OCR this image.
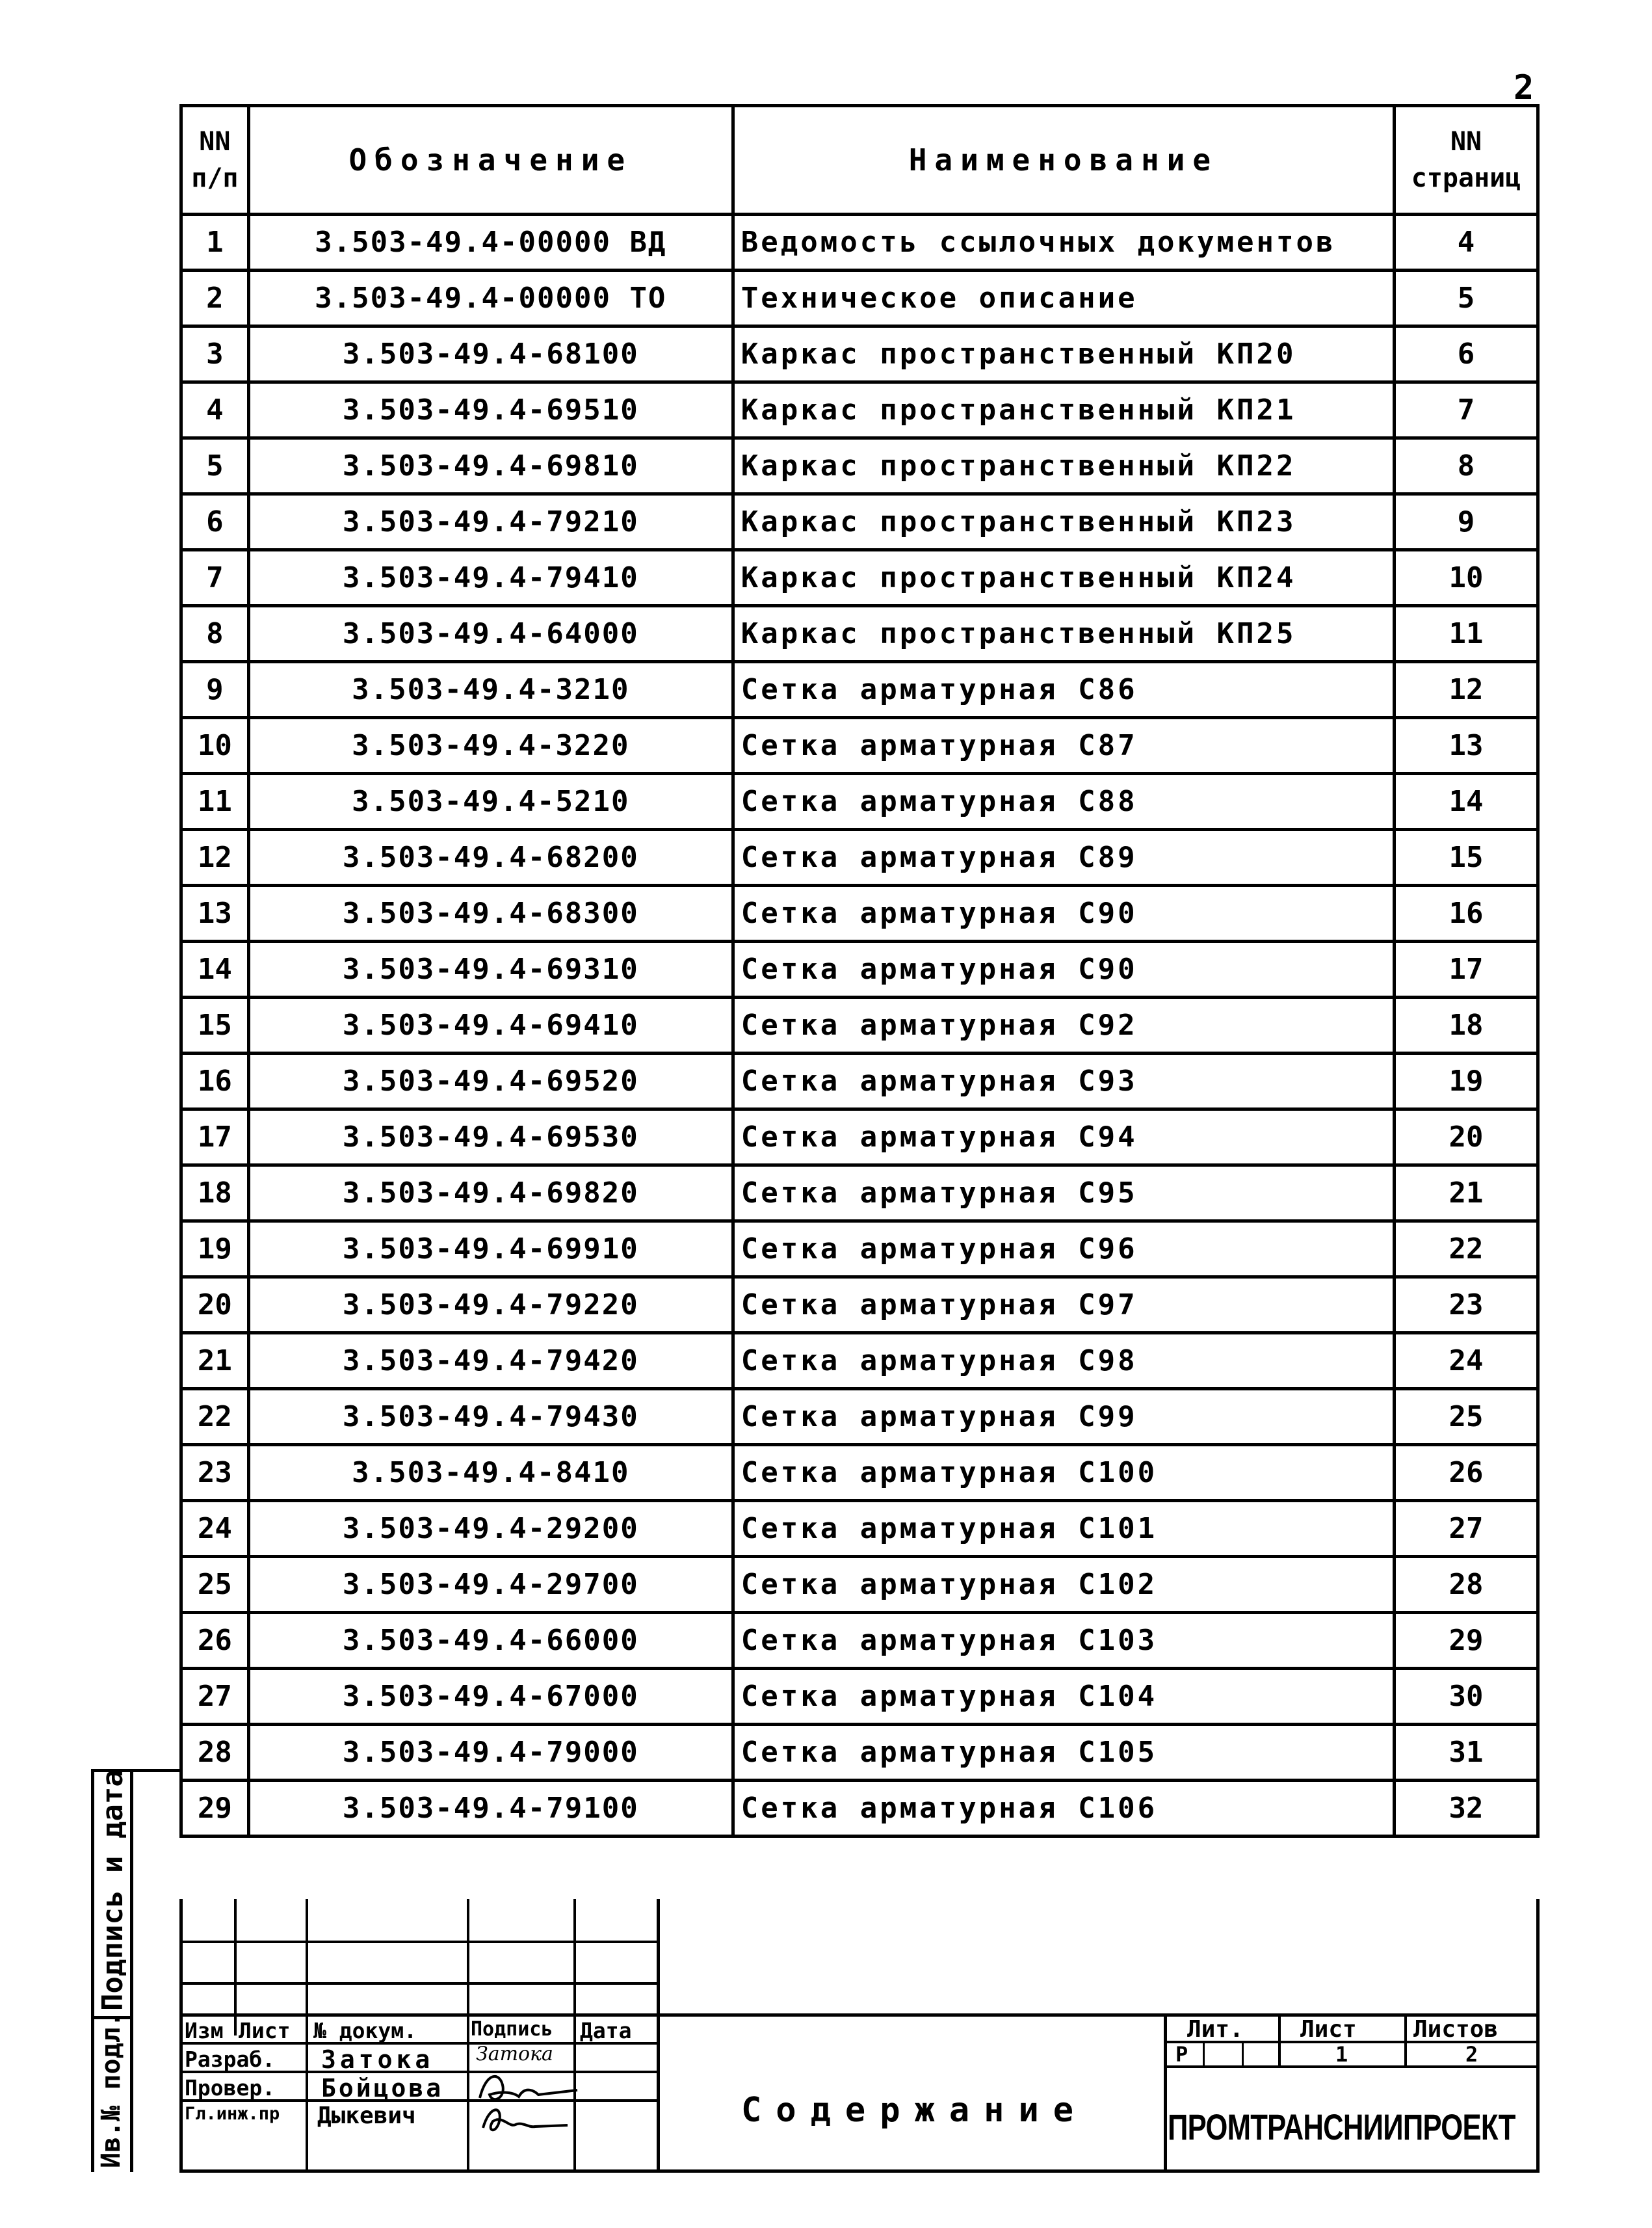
2
NN п/п	Обозначение	Наименование	NN страниц
1	3.503-49.4-00000 ВД	Ведомость ссылочных документов	4
2	3.503-49.4-00000 ТО	Техническое описание	5
3	3.503-49.4-68100	Каркас пространственный КП20	6
4	3.503-49.4-69510	Каркас пространственный КП21	7
5	3.503-49.4-69810	Каркас пространственный КП22	8
6	3.503-49.4-79210	Каркас пространственный КП23	9
7	3.503-49.4-79410	Каркас пространственный КП24	10
8	3.503-49.4-64000	Каркас пространственный КП25	11
9	3.503-49.4-3210	Сетка арматурная С86	12
10	3.503-49.4-3220	Сетка арматурная С87	13
11	3.503-49.4-5210	Сетка арматурная С88	14
12	3.503-49.4-68200	Сетка арматурная С89	15
13	3.503-49.4-68300	Сетка арматурная С90	16
14	3.503-49.4-69310	Сетка арматурная С90	17
15	3.503-49.4-69410	Сетка арматурная С92	18
16	3.503-49.4-69520	Сетка арматурная С93	19
17	3.503-49.4-69530	Сетка арматурная С94	20
18	3.503-49.4-69820	Сетка арматурная С95	21
19	3.503-49.4-69910	Сетка арматурная С96	22
20	3.503-49.4-79220	Сетка арматурная С97	23
21	3.503-49.4-79420	Сетка арматурная С98	24
22	3.503-49.4-79430	Сетка арматурная С99	25
23	3.503-49.4-8410	Сетка арматурная С100	26
24	3.503-49.4-29200	Сетка арматурная С101	27
25	3.503-49.4-29700	Сетка арматурная С102	28
26	3.503-49.4-66000	Сетка арматурная С103	29
27	3.503-49.4-67000	Сетка арматурная С104	30
28	3.503-49.4-79000	Сетка арматурная С105	31
29	3.503-49.4-79100	Сетка арматурная С106	32
Изм Лист № докум.	Подпись Дата
Разраб.
Провер.
Гл.инж.пр
Затока
Бойцова
Дыкевич
Затока
Содержание
Лит. Лист Листов
Р	1	2
ПРОМТРАНСНИИПРОЕКТ
Подпись и дата
Ив.№ подл.
